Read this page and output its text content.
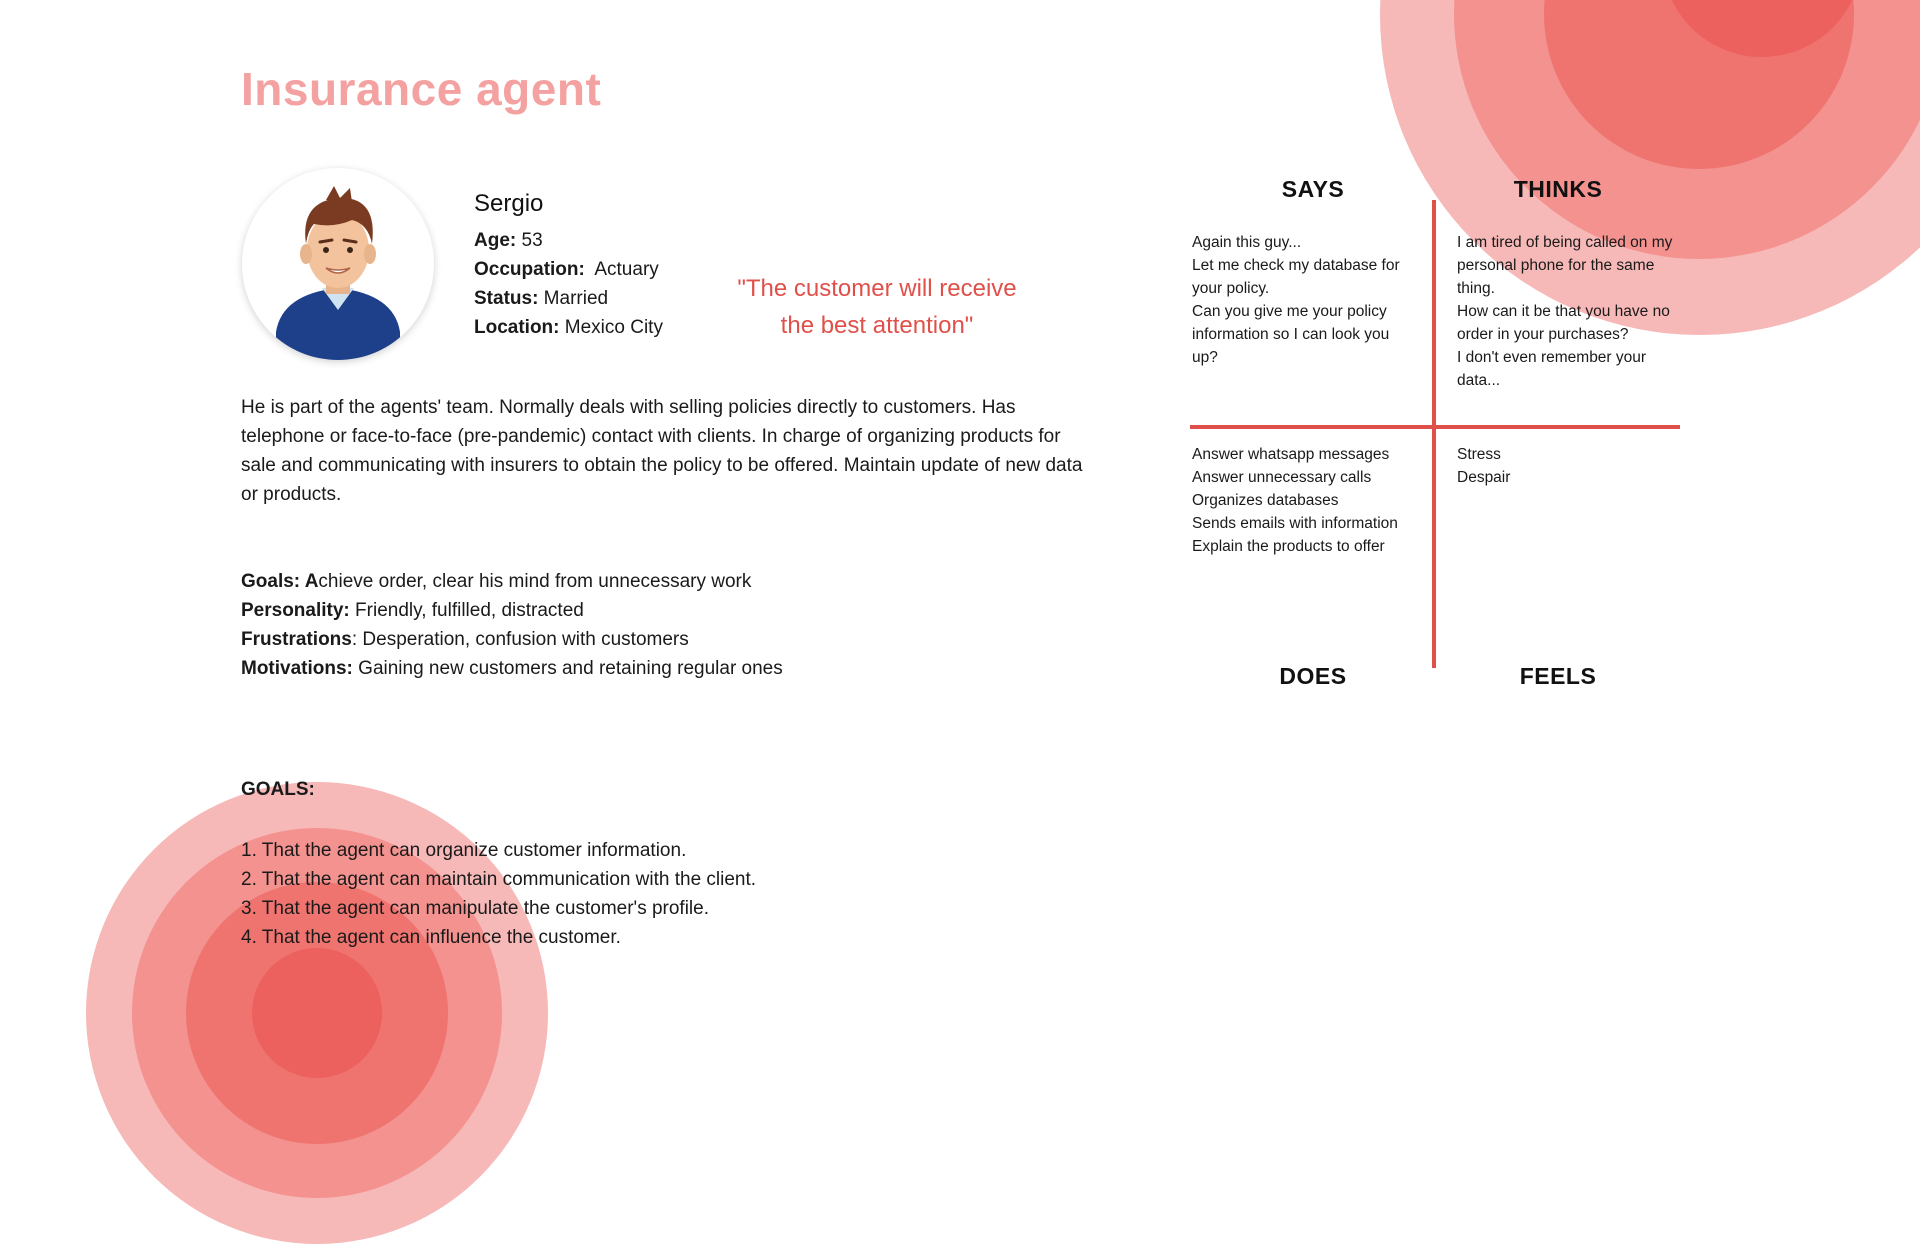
Insurance agent
Sergio
Age: 53
Occupation:  Actuary
Status: Married
Location: Mexico City
"The customer will receive
the best attention"
He is part of the agents' team. Normally deals with selling policies directly to customers. Has telephone or face-to-face (pre-pandemic) contact with clients. In charge of organizing products for sale and communicating with insurers to obtain the policy to be offered. Maintain update of new data or products.
Goals: Achieve order, clear his mind from unnecessary work
Personality: Friendly, fulfilled, distracted
Frustrations: Desperation, confusion with customers
Motivations: Gaining new customers and retaining regular ones
GOALS:
1. That the agent can organize customer information.
2. That the agent can maintain communication with the client.
3. That the agent can manipulate the customer's profile.
4. That the agent can influence the customer.
SAYS	THINKS
DOES	FEELS
Again this guy...
Let me check my database for
your policy.
Can you give me your policy
information so I can look you
up?
I am tired of being called on my
personal phone for the same
thing.
How can it be that you have no
order in your purchases?
I don't even remember your
data...
Answer whatsapp messages
Answer unnecessary calls
Organizes databases
Sends emails with information
Explain the products to offer
Stress
Despair
